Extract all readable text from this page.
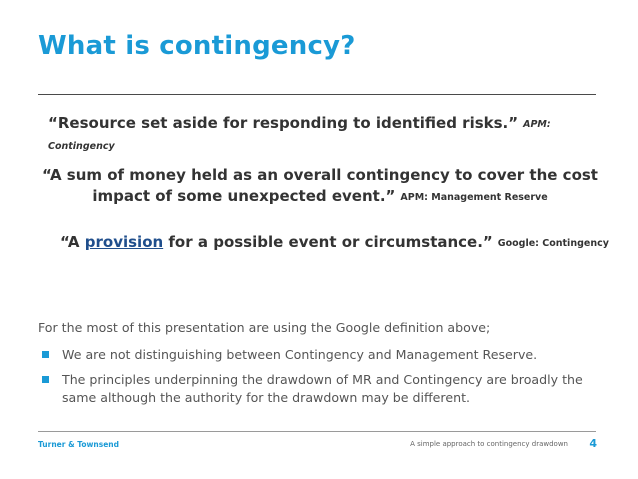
What is contingency?
“Resource set aside for responding to identified risks.” APM: Contingency
“A sum of money held as an overall contingency to cover the cost
impact of some unexpected event.” APM: Management Reserve
“A provision for a possible event or circumstance.” Google: Contingency
For the most of this presentation are using the Google definition above;
We are not distinguishing between Contingency and Management Reserve.
The principles underpinning the drawdown of MR and Contingency are broadly the same although the authority for the drawdown may be different.
Turner & Townsend	A simple approach to contingency drawdown 4
